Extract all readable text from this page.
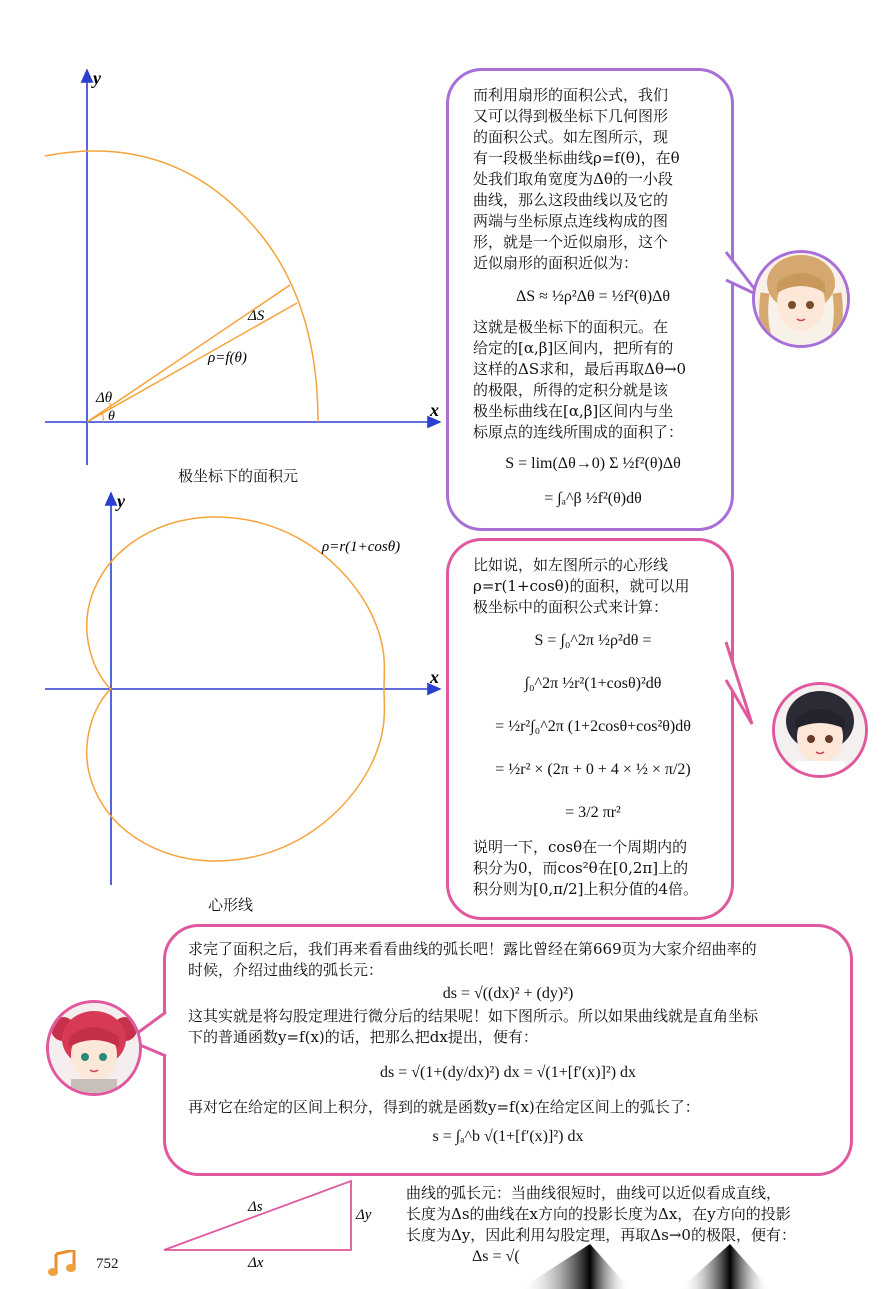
y
x
ΔS
ρ=f(θ)
Δθ
θ
极坐标下的面积元
y
x
ρ=r(1+cosθ)
心形线
而利用扇形的面积公式，我们
又可以得到极坐标下几何图形
的面积公式。如左图所示，现
有一段极坐标曲线ρ=f(θ)，在θ
处我们取角宽度为Δθ的一小段
曲线，那么这段曲线以及它的
两端与坐标原点连线构成的图
形，就是一个近似扇形，这个
近似扇形的面积近似为：
ΔS ≈ ½ρ²Δθ = ½f²(θ)Δθ
这就是极坐标下的面积元。在
给定的[α,β]区间内，把所有的
这样的ΔS求和，最后再取Δθ→0
的极限，所得的定积分就是该
极坐标曲线在[α,β]区间内与坐
标原点的连线所围成的面积了：
S = lim(Δθ→0) Σ ½f²(θ)Δθ
= ∫ₐ^β ½f²(θ)dθ
比如说，如左图所示的心形线
ρ=r(1+cosθ)的面积，就可以用
极坐标中的面积公式来计算：
S = ∫₀^2π ½ρ²dθ =
∫₀^2π ½r²(1+cosθ)²dθ
= ½r²∫₀^2π (1+2cosθ+cos²θ)dθ
= ½r² × (2π + 0 + 4 × ½ × π/2)
= 3/2 πr²
说明一下，cosθ在一个周期内的
积分为0，而cos²θ在[0,2π]上的
积分则为[0,π/2]上积分值的4倍。
求完了面积之后，我们再来看看曲线的弧长吧！露比曾经在第669页为大家介绍曲率的
时候，介绍过曲线的弧长元：
ds = √((dx)² + (dy)²)
这其实就是将勾股定理进行微分后的结果呢！如下图所示。所以如果曲线就是直角坐标
下的普通函数y=f(x)的话，把那么把dx提出，便有：
ds = √(1+(dy/dx)²) dx = √(1+[f′(x)]²) dx
再对它在给定的区间上积分，得到的就是函数y=f(x)在给定区间上的弧长了：
s = ∫ₐ^b √(1+[f′(x)]²) dx
Δs	Δy
Δx
曲线的弧长元：当曲线很短时，曲线可以近似看成直线，
长度为Δs的曲线在x方向的投影长度为Δx，在y方向的投影
长度为Δy，因此利用勾股定理，再取Δs→0的极限，便有：
Δs = √(
752
